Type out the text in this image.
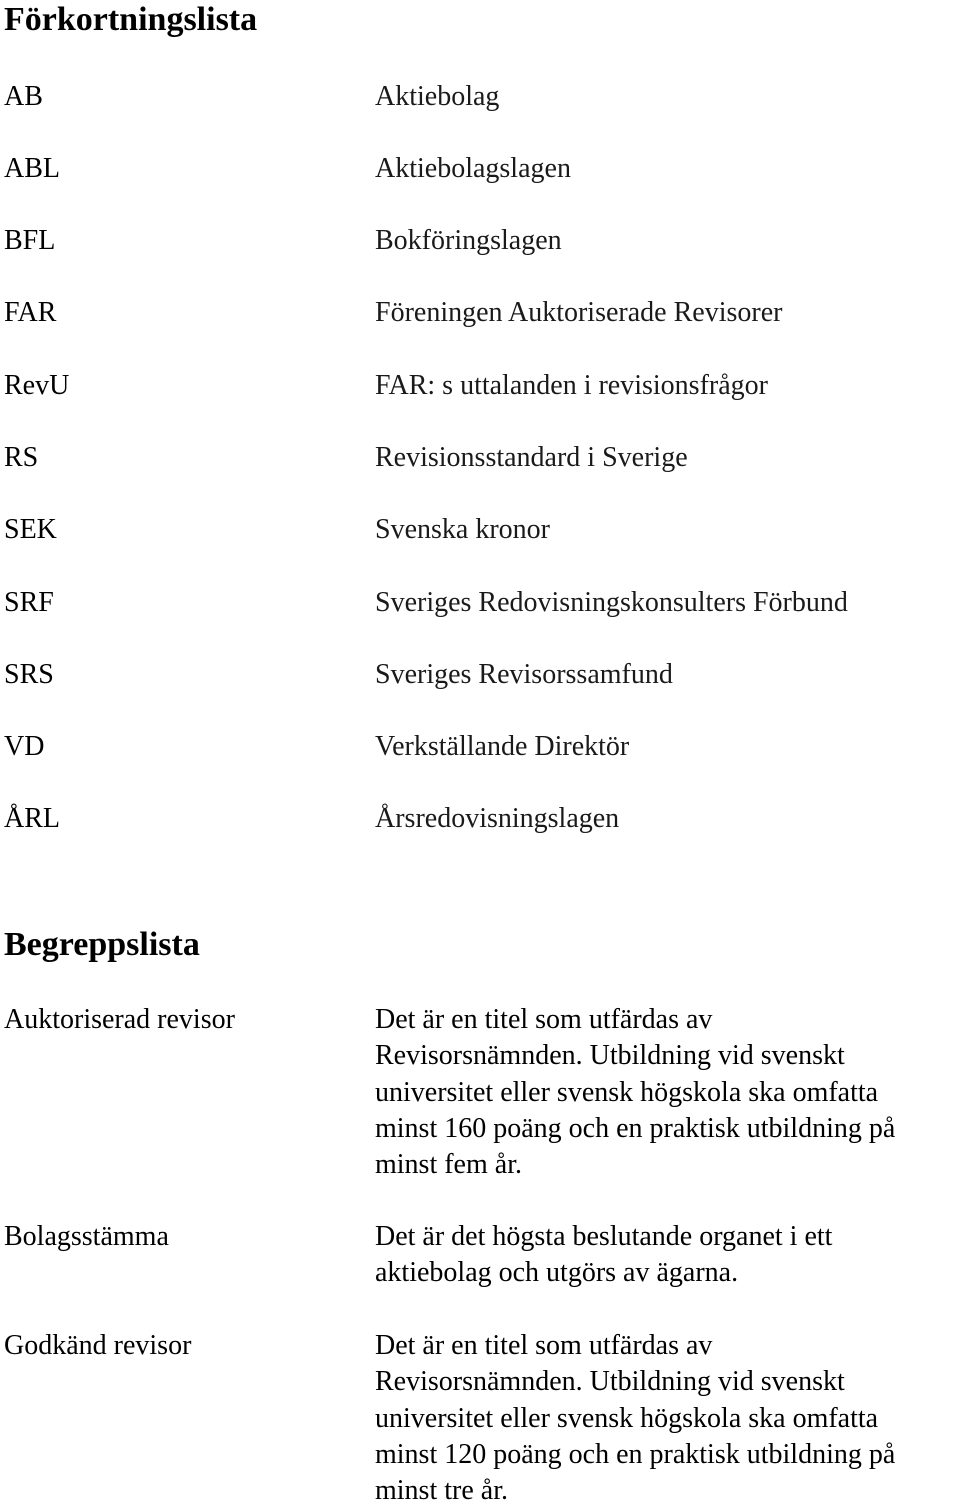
Förkortningslista
AB	Aktiebolag
ABL	Aktiebolagslagen
BFL	Bokföringslagen
FAR	Föreningen Auktoriserade Revisorer
RevU	FAR: s uttalanden i revisionsfrågor
RS	Revisionsstandard i Sverige
SEK	Svenska kronor
SRF	Sveriges Redovisningskonsulters Förbund
SRS	Sveriges Revisorssamfund
VD	Verkställande Direktör
ÅRL	Årsredovisningslagen
Begreppslista
Auktoriserad revisor	Det är en titel som utfärdas av
Revisorsnämnden. Utbildning vid svenskt
universitet eller svensk högskola ska omfatta
minst 160 poäng och en praktisk utbildning på
minst fem år.
Bolagsstämma	Det är det högsta beslutande organet i ett
aktiebolag och utgörs av ägarna.
Godkänd revisor	Det är en titel som utfärdas av
Revisorsnämnden. Utbildning vid svenskt
universitet eller svensk högskola ska omfatta
minst 120 poäng och en praktisk utbildning på
minst tre år.
